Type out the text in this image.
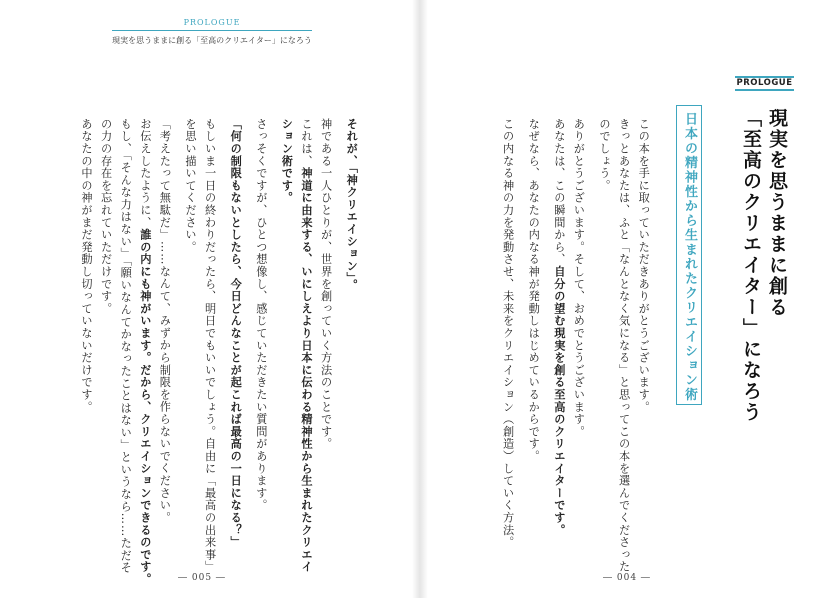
PROLOGUE
現実を思うままに創る「至高のクリエイター」になろう
それが、「神クリエイション」。
神である一人ひとりが、世界を創っていく方法のことです。
これは、神道に由来する、いにしえより日本に伝わる精神性から生まれたクリエイ
ション術です。
さっそくですが、ひとつ想像し、感じていただきたい質問があります。
「何の制限もないとしたら、今日どんなことが起これば最高の一日になる？」
もしいま一日の終わりだったら、明日でもいいでしょう。自由に「最高の出来事」
を思い描いてください。
「考えたって無駄だ」……なんて、みずから制限を作らないでください。
お伝えしたように、誰の内にも神がいます。だから、クリエイションできるのです。
もし、「そんな力はない」「願いなんてかなったことはない」というなら……ただそ
の力の存在を忘れていただけです。
あなたの中の神がまだ発動し切っていないだけです。
― 005 ―
PROLOGUE
現実を思うままに創る
「至高のクリエイター」になろう
日本の精神性から生まれたクリエイション術
この本を手に取っていただきありがとうございます。
きっとあなたは、ふと「なんとなく気になる」と思ってこの本を選んでくださった
のでしょう。
ありがとうございます。そして、おめでとうございます。
あなたは、この瞬間から、自分の望む現実を創る至高のクリエイターです。
なぜなら、あなたの内なる神が発動しはじめているからです。
この内なる神の力を発動させ、未来をクリエイション（創造）していく方法。
― 004 ―
